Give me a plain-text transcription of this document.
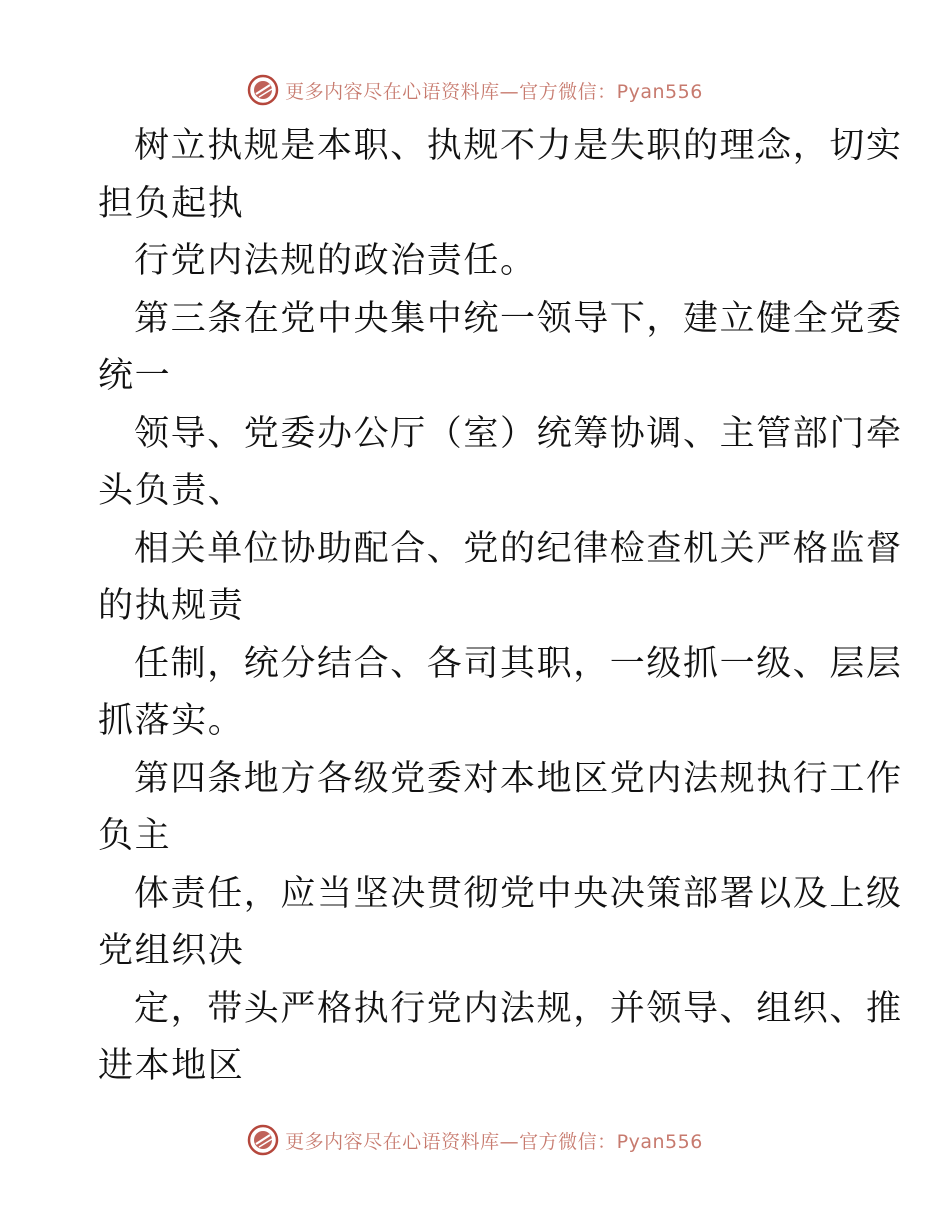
更多内容尽在心语资料库—官方微信：Pyan556
树立执规是本职、执规不力是失职的理念，切实
担负起执
行党内法规的政治责任。
第三条在党中央集中统一领导下，建立健全党委
统一
领导、党委办公厅（室）统筹协调、主管部门牵
头负责、
相关单位协助配合、党的纪律检查机关严格监督
的执规责
任制，统分结合、各司其职，一级抓一级、层层
抓落实。
第四条地方各级党委对本地区党内法规执行工作
负主
体责任，应当坚决贯彻党中央决策部署以及上级
党组织决
定，带头严格执行党内法规，并领导、组织、推
进本地区
更多内容尽在心语资料库—官方微信：Pyan556
